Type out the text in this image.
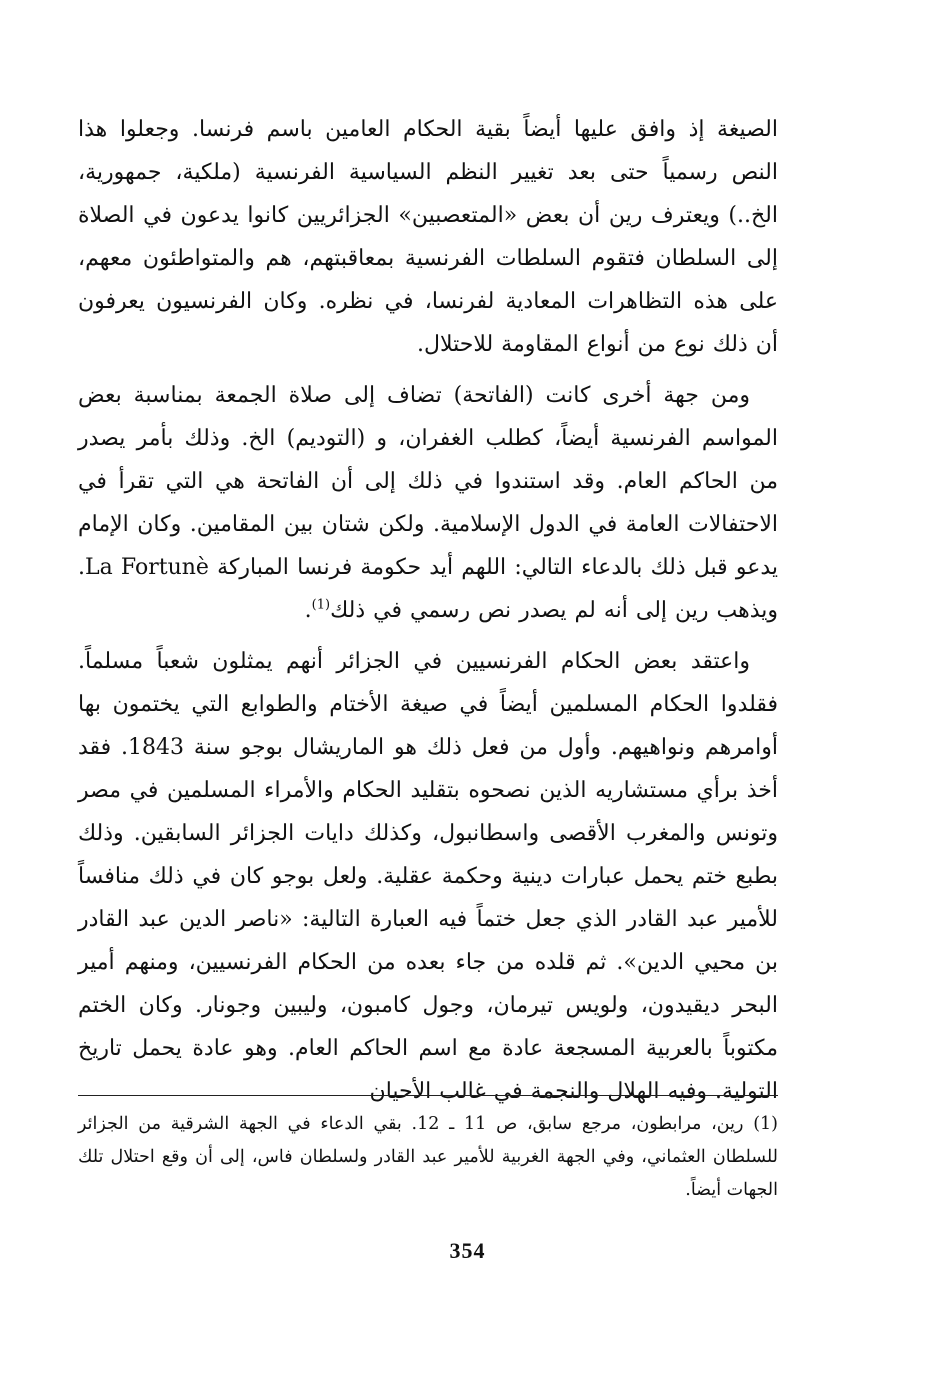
الصيغة إذ وافق عليها أيضاً بقية الحكام العامين باسم فرنسا. وجعلوا هذا النص رسمياً حتى بعد تغيير النظم السياسية الفرنسية (ملكية، جمهورية، الخ..) ويعترف رين أن بعض «المتعصبين» الجزائريين كانوا يدعون في الصلاة إلى السلطان فتقوم السلطات الفرنسية بمعاقبتهم، هم والمتواطئون معهم، على هذه التظاهرات المعادية لفرنسا، في نظره. وكان الفرنسيون يعرفون أن ذلك نوع من أنواع المقاومة للاحتلال.

ومن جهة أخرى كانت (الفاتحة) تضاف إلى صلاة الجمعة بمناسبة بعض المواسم الفرنسية أيضاً، كطلب الغفران، و (التوديم) الخ. وذلك بأمر يصدر من الحاكم العام. وقد استندوا في ذلك إلى أن الفاتحة هي التي تقرأ في الاحتفالات العامة في الدول الإسلامية. ولكن شتان بين المقامين. وكان الإمام يدعو قبل ذلك بالدعاء التالي: اللهم أيد حكومة فرنسا المباركة La Fortunè. ويذهب رين إلى أنه لم يصدر نص رسمي في ذلك$^{(1)}$.

واعتقد بعض الحكام الفرنسيين في الجزائر أنهم يمثلون شعباً مسلماً. فقلدوا الحكام المسلمين أيضاً في صيغة الأختام والطوابع التي يختمون بها أوامرهم ونواهيهم. وأول من فعل ذلك هو الماريشال بوجو سنة 1843. فقد أخذ برأي مستشاريه الذين نصحوه بتقليد الحكام والأمراء المسلمين في مصر وتونس والمغرب الأقصى واسطانبول، وكذلك دايات الجزائر السابقين. وذلك بطبع ختم يحمل عبارات دينية وحكمة عقلية. ولعل بوجو كان في ذلك منافساً للأمير عبد القادر الذي جعل ختماً فيه العبارة التالية: «ناصر الدين عبد القادر بن محيي الدين». ثم قلده من جاء بعده من الحكام الفرنسيين، ومنهم أمير البحر ديقيدون، ولويس تيرمان، وجول كامبون، وليبين وجونار. وكان الختم مكتوباً بالعربية المسجعة عادة مع اسم الحاكم العام. وهو عادة يحمل تاريخ التولية. وفيه الهلال والنجمة في غالب الأحيان

(1) رين، مرابطون، مرجع سابق، ص 11 ـ 12. بقي الدعاء في الجهة الشرقية من الجزائر للسلطان العثماني، وفي الجهة الغربية للأمير عبد القادر ولسلطان فاس، إلى أن وقع احتلال تلك الجهات أيضاً.
354
